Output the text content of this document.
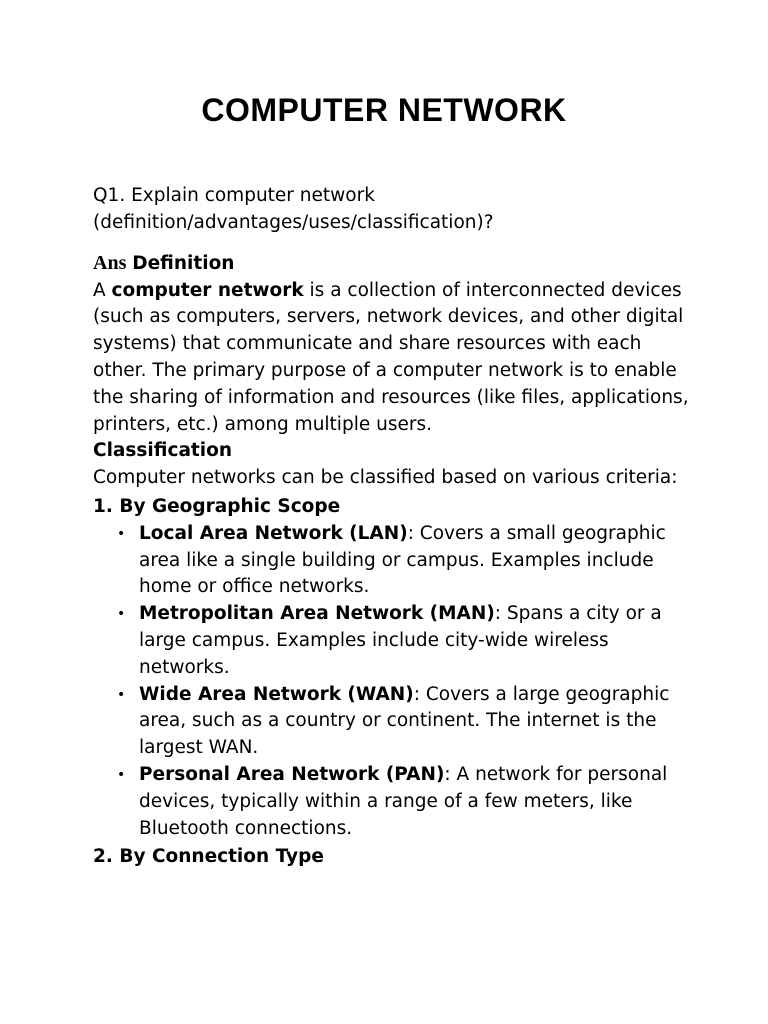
COMPUTER NETWORK

Q1. Explain computer network (definition/advantages/uses/classification)?

Ans Definition

A computer network is a collection of interconnected devices (such as computers, servers, network devices, and other digital systems) that communicate and share resources with each other. The primary purpose of a computer network is to enable the sharing of information and resources (like files, applications, printers, etc.) among multiple users.

Classification

Computer networks can be classified based on various criteria:

1. By Geographic Scope

• Local Area Network (LAN): Covers a small geographic area like a single building or campus. Examples include home or office networks.
• Metropolitan Area Network (MAN): Spans a city or a large campus. Examples include city-wide wireless networks.
• Wide Area Network (WAN): Covers a large geographic area, such as a country or continent. The internet is the largest WAN.
• Personal Area Network (PAN): A network for personal devices, typically within a range of a few meters, like Bluetooth connections.

2. By Connection Type
